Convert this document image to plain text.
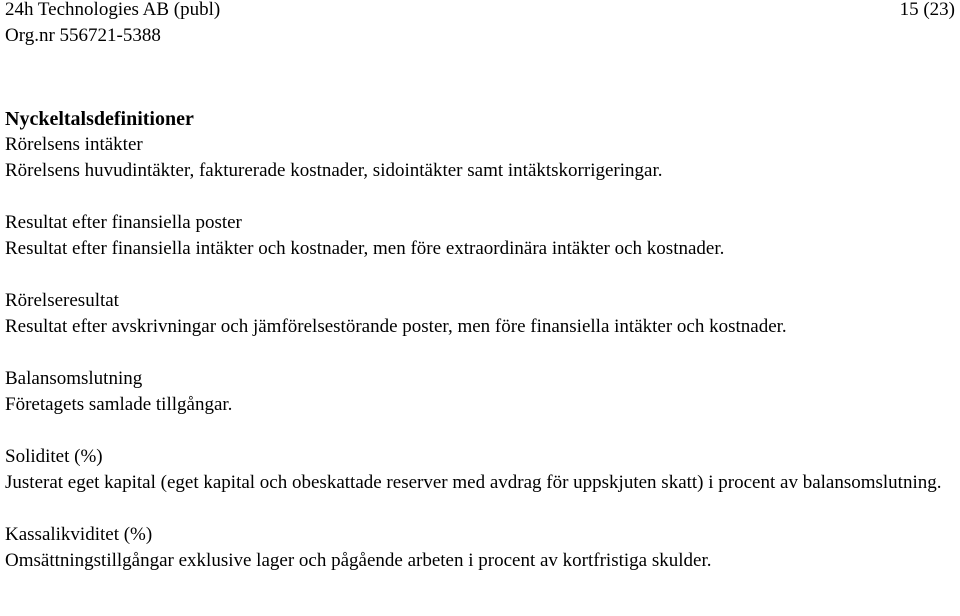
24h Technologies AB (publ)	15 (23)
Org.nr 556721-5388
Nyckeltalsdefinitioner
Rörelsens intäkter
Rörelsens huvudintäkter, fakturerade kostnader, sidointäkter samt intäktskorrigeringar.
Resultat efter finansiella poster
Resultat efter finansiella intäkter och kostnader, men före extraordinära intäkter och kostnader.
Rörelseresultat
Resultat efter avskrivningar och jämförelsestörande poster, men före finansiella intäkter och kostnader.
Balansomslutning
Företagets samlade tillgångar.
Soliditet (%)
Justerat eget kapital (eget kapital och obeskattade reserver med avdrag för uppskjuten skatt) i procent av balansomslutning.
Kassalikviditet (%)
Omsättningstillgångar exklusive lager och pågående arbeten i procent av kortfristiga skulder.
